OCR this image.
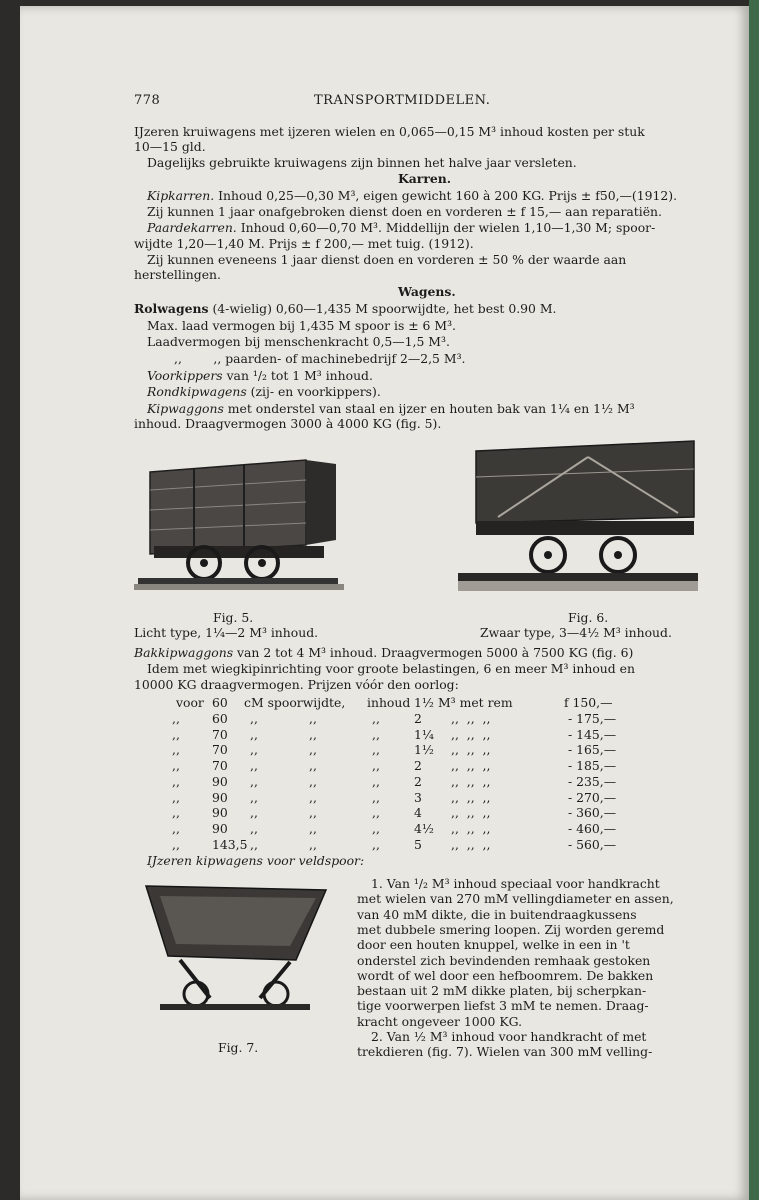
778	TRANSPORTMIDDELEN.
IJzeren kruiwagens met ijzeren wielen en 0,065—0,15 M³ inhoud kosten per stuk
10—15 gld.
Dagelijks gebruikte kruiwagens zijn binnen het halve jaar versleten.
Karren.
Kipkarren. Inhoud 0,25—0,30 M³, eigen gewicht 160 à 200 KG. Prijs ± f50,—(1912).
Zij kunnen 1 jaar onafgebroken dienst doen en vorderen ± f 15,— aan reparatiën.
Paardekarren. Inhoud 0,60—0,70 M³. Middellijn der wielen 1,10—1,30 M; spoor-
wijdte 1,20—1,40 M. Prijs ± f 200,— met tuig. (1912).
Zij kunnen eveneens 1 jaar dienst doen en vorderen ± 50 % der waarde aan
herstellingen.
Wagens.
Rolwagens (4-wielig) 0,60—1,435 M spoorwijdte, het best 0.90 M.
Max. laad vermogen bij 1,435 M spoor is ± 6 M³.
Laadvermogen bij menschenkracht 0,5—1,5 M³.
,,        ,, paarden- of machinebedrijf 2—2,5 M³.
Voorkippers van ¹/₂ tot 1 M³ inhoud.
Rondkipwagens (zij- en voorkippers).
Kipwaggons met onderstel van staal en ijzer en houten bak van 1¼ en 1½ M³
inhoud. Draagvermogen 3000 à 4000 KG (fig. 5).
Fig. 5.
Licht type, 1¼—2 M³ inhoud.
Fig. 6.
Zwaar type, 3—4½ M³ inhoud.
Bakkipwaggons van 2 tot 4 M³ inhoud. Draagvermogen 5000 à 7500 KG (fig. 6)
Idem met wiegkipinrichting voor groote belastingen, 6 en meer M³ inhoud en
10000 KG draagvermogen. Prijzen vóór den oorlog:
voor 60 cM spoorwijdte, inhoud 1½ M³ met rem	f 150,—
,,	60 ,,	,,	,,	2 ,,  ,,  ,,	- 175,—
,,	70 ,,	,,	,,	1¼ ,,  ,,  ,,	- 145,—
,,	70 ,,	,,	,,	1½ ,,  ,,  ,,	- 165,—
,,	70 ,,	,,	,,	2 ,,  ,,  ,,	- 185,—
,,	90 ,,	,,	,,	2 ,,  ,,  ,,	- 235,—
,,	90 ,,	,,	,,	3 ,,  ,,  ,,	- 270,—
,,	90 ,,	,,	,,	4 ,,  ,,  ,,	- 360,—
,,	90 ,,	,,	,,	4½ ,,  ,,  ,,	- 460,—
,,	143,5 ,,	,,	,,	5 ,,  ,,  ,,	- 560,—
IJzeren kipwagens voor veldspoor:
Fig. 7.
1. Van ¹/₂ M³ inhoud speciaal voor handkracht
met wielen van 270 mM vellingdiameter en assen,
van 40 mM dikte, die in buitendraagkussens
met dubbele smering loopen. Zij worden geremd
door een houten knuppel, welke in een in 't
onderstel zich bevindenden remhaak gestoken
wordt of wel door een hefboomrem. De bakken
bestaan uit 2 mM dikke platen, bij scherpkan-
tige voorwerpen liefst 3 mM te nemen. Draag-
kracht ongeveer 1000 KG.
2. Van ½ M³ inhoud voor handkracht of met
trekdieren (fig. 7). Wielen van 300 mM velling-
